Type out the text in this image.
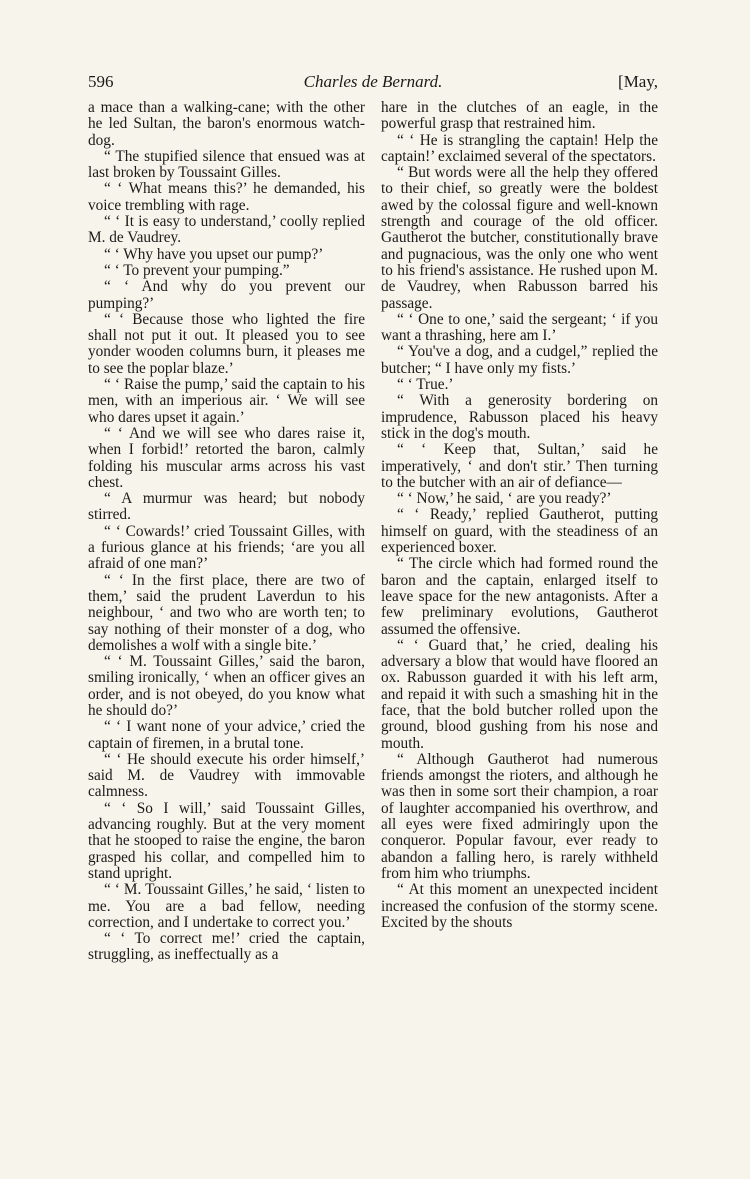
596	Charles de Bernard.	[May,

a mace than a walking-cane; with the other he led Sultan, the baron's enormous watch-dog.

“ The stupified silence that ensued was at last broken by Toussaint Gilles.

“ ‘ What means this?’ he demanded, his voice trembling with rage.

“ ‘ It is easy to understand,’ coolly replied M. de Vaudrey.

“ ‘ Why have you upset our pump?’

“ ‘ To prevent your pumping.”

“ ‘ And why do you prevent our pumping?’

“ ‘ Because those who lighted the fire shall not put it out. It pleased you to see yonder wooden columns burn, it pleases me to see the poplar blaze.’

“ ‘ Raise the pump,’ said the captain to his men, with an imperious air. ‘ We will see who dares upset it again.’

“ ‘ And we will see who dares raise it, when I forbid!’ retorted the baron, calmly folding his muscular arms across his vast chest.

“ A murmur was heard; but nobody stirred.

“ ‘ Cowards!’ cried Toussaint Gilles, with a furious glance at his friends; ‘are you all afraid of one man?’

“ ‘ In the first place, there are two of them,’ said the prudent Laverdun to his neighbour, ‘ and two who are worth ten; to say nothing of their monster of a dog, who demolishes a wolf with a single bite.’

“ ‘ M. Toussaint Gilles,’ said the baron, smiling ironically, ‘ when an officer gives an order, and is not obeyed, do you know what he should do?’

“ ‘ I want none of your advice,’ cried the captain of firemen, in a brutal tone.

“ ‘ He should execute his order himself,’ said M. de Vaudrey with immovable calmness.

“ ‘ So I will,’ said Toussaint Gilles, advancing roughly. But at the very moment that he stooped to raise the engine, the baron grasped his collar, and compelled him to stand upright.

“ ‘ M. Toussaint Gilles,’ he said, ‘ listen to me. You are a bad fellow, needing correction, and I undertake to correct you.’

“ ‘ To correct me!’ cried the captain, struggling, as ineffectually as a

hare in the clutches of an eagle, in the powerful grasp that restrained him.

“ ‘ He is strangling the captain! Help the captain!’ exclaimed several of the spectators.

“ But words were all the help they offered to their chief, so greatly were the boldest awed by the colossal figure and well-known strength and courage of the old officer. Gautherot the butcher, constitutionally brave and pugnacious, was the only one who went to his friend's assistance. He rushed upon M. de Vaudrey, when Rabusson barred his passage.

“ ‘ One to one,’ said the sergeant; ‘ if you want a thrashing, here am I.’

“ You've a dog, and a cudgel,” replied the butcher; “ I have only my fists.’

“ ‘ True.’

“ With a generosity bordering on imprudence, Rabusson placed his heavy stick in the dog's mouth.

“ ‘ Keep that, Sultan,’ said he imperatively, ‘ and don't stir.’ Then turning to the butcher with an air of defiance—

“ ‘ Now,’ he said, ‘ are you ready?’

“ ‘ Ready,’ replied Gautherot, putting himself on guard, with the steadiness of an experienced boxer.

“ The circle which had formed round the baron and the captain, enlarged itself to leave space for the new antagonists. After a few preliminary evolutions, Gautherot assumed the offensive.

“ ‘ Guard that,’ he cried, dealing his adversary a blow that would have floored an ox. Rabusson guarded it with his left arm, and repaid it with such a smashing hit in the face, that the bold butcher rolled upon the ground, blood gushing from his nose and mouth.

“ Although Gautherot had numerous friends amongst the rioters, and although he was then in some sort their champion, a roar of laughter accompanied his overthrow, and all eyes were fixed admiringly upon the conqueror. Popular favour, ever ready to abandon a falling hero, is rarely withheld from him who triumphs.

“ At this moment an unexpected incident increased the confusion of the stormy scene. Excited by the shouts
